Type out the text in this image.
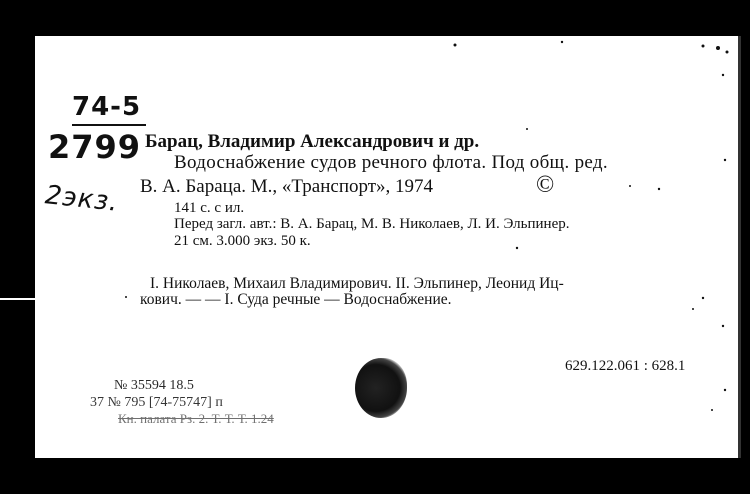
74-5
2799
2экз.
Барац, Владимир Александрович и др.
Водоснабжение судов речного флота. Под общ. ред.
В. А. Бараца. М., «Транспорт», 1974	©
141 с. с ил.
Перед загл. авт.: В. А. Барац, М. В. Николаев, Л. И. Эльпинер.
21 см. 3.000 экз. 50 к.
I. Николаев, Михаил Владимирович. II. Эльпинер, Леонид Иц-
кович. — — I. Суда речные — Водоснабжение.
629.122.061 : 628.1
№ 35594 18.5
37 № 795 [74-75747] п
Кн. палата Рз. 2. Т. Т. Т. 1.24
